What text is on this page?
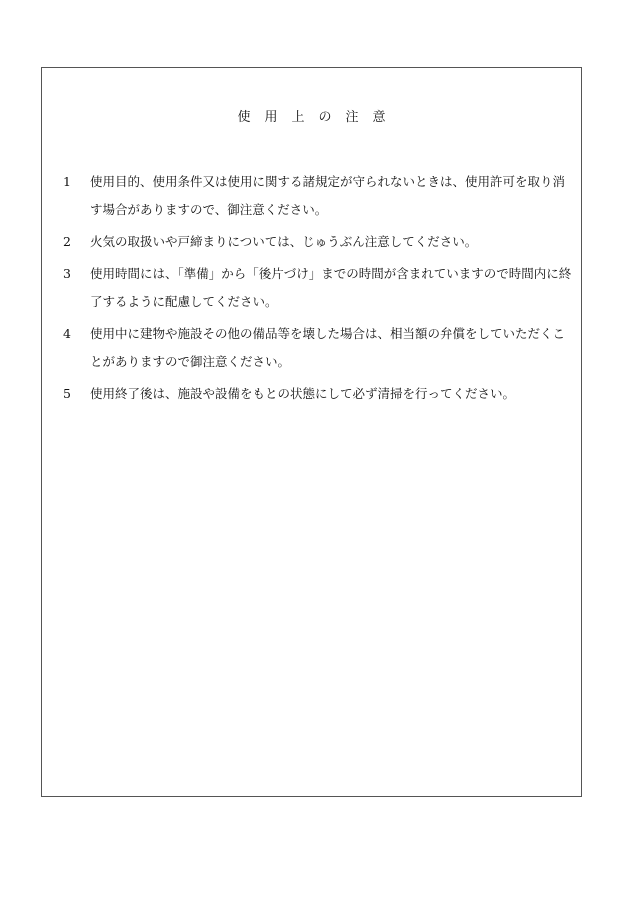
使用上の注意
1 使用目的、使用条件又は使用に関する諸規定が守られないときは、使用許可を取り消す場合がありますので、御注意ください。
2 火気の取扱いや戸締まりについては、じゅうぶん注意してください。
3 使用時間には、「準備」から「後片づけ」までの時間が含まれていますので時間内に終了するように配慮してください。
4 使用中に建物や施設その他の備品等を壊した場合は、相当額の弁償をしていただくことがありますので御注意ください。
5 使用終了後は、施設や設備をもとの状態にして必ず清掃を行ってください。
